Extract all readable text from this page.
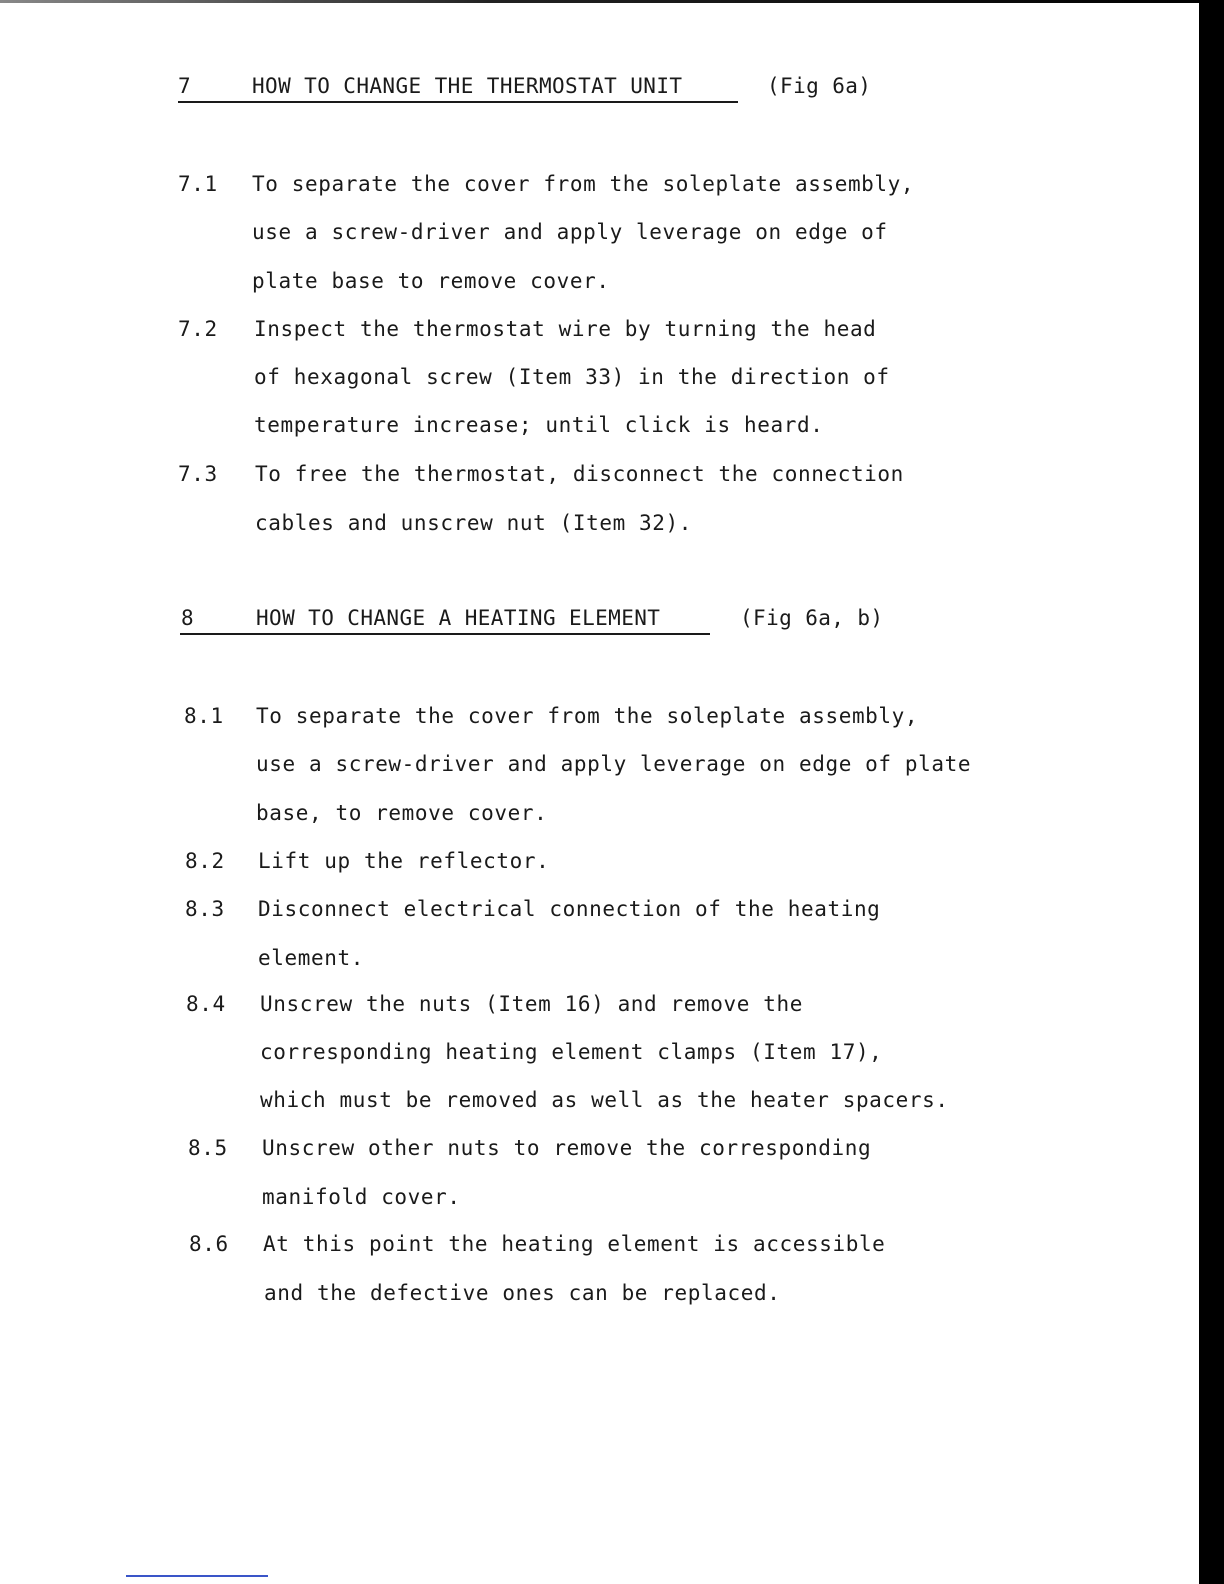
7	HOW TO CHANGE THE THERMOSTAT UNIT	(Fig 6a)
7.1 To separate the cover from the soleplate assembly,
use a screw-driver and apply leverage on edge of
plate base to remove cover.
7.2 Inspect the thermostat wire by turning the head
of hexagonal screw (Item 33) in the direction of
temperature increase; until click is heard.
7.3 To free the thermostat, disconnect the connection
cables and unscrew nut (Item 32).
8	HOW TO CHANGE A HEATING ELEMENT	(Fig 6a, b)
8.1 To separate the cover from the soleplate assembly,
use a screw-driver and apply leverage on edge of plate
base, to remove cover.
8.2 Lift up the reflector.
8.3 Disconnect electrical connection of the heating
element.
8.4 Unscrew the nuts (Item 16) and remove the
corresponding heating element clamps (Item 17),
which must be removed as well as the heater spacers.
8.5 Unscrew other nuts to remove the corresponding
manifold cover.
8.6 At this point the heating element is accessible
and the defective ones can be replaced.
